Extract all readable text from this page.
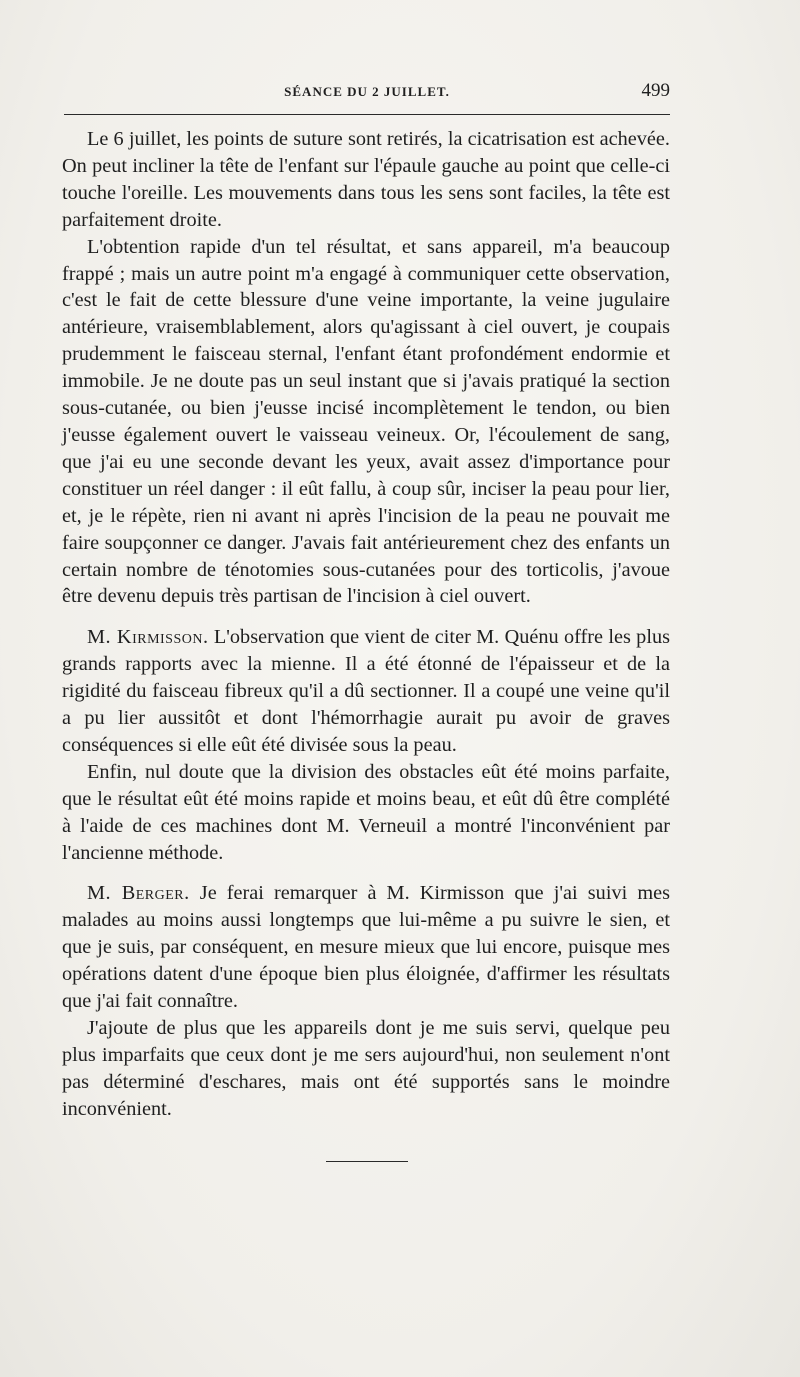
SÉANCE DU 2 JUILLET.	499

Le 6 juillet, les points de suture sont retirés, la cicatrisation est achevée. On peut incliner la tête de l'enfant sur l'épaule gauche au point que celle-ci touche l'oreille. Les mouvements dans tous les sens sont faciles, la tête est parfaitement droite.

L'obtention rapide d'un tel résultat, et sans appareil, m'a beaucoup frappé ; mais un autre point m'a engagé à communiquer cette observation, c'est le fait de cette blessure d'une veine importante, la veine jugulaire antérieure, vraisemblablement, alors qu'agissant à ciel ouvert, je coupais prudemment le faisceau sternal, l'enfant étant profondément endormie et immobile. Je ne doute pas un seul instant que si j'avais pratiqué la section sous-cutanée, ou bien j'eusse incisé incomplètement le tendon, ou bien j'eusse également ouvert le vaisseau veineux. Or, l'écoulement de sang, que j'ai eu une seconde devant les yeux, avait assez d'importance pour constituer un réel danger : il eût fallu, à coup sûr, inciser la peau pour lier, et, je le répète, rien ni avant ni après l'incision de la peau ne pouvait me faire soupçonner ce danger. J'avais fait antérieurement chez des enfants un certain nombre de ténotomies sous-cutanées pour des torticolis, j'avoue être devenu depuis très partisan de l'incision à ciel ouvert.

M. Kirmisson. L'observation que vient de citer M. Quénu offre les plus grands rapports avec la mienne. Il a été étonné de l'épaisseur et de la rigidité du faisceau fibreux qu'il a dû sectionner. Il a coupé une veine qu'il a pu lier aussitôt et dont l'hémorrhagie aurait pu avoir de graves conséquences si elle eût été divisée sous la peau.

Enfin, nul doute que la division des obstacles eût été moins parfaite, que le résultat eût été moins rapide et moins beau, et eût dû être complété à l'aide de ces machines dont M. Verneuil a montré l'inconvénient par l'ancienne méthode.

M. Berger. Je ferai remarquer à M. Kirmisson que j'ai suivi mes malades au moins aussi longtemps que lui-même a pu suivre le sien, et que je suis, par conséquent, en mesure mieux que lui encore, puisque mes opérations datent d'une époque bien plus éloignée, d'affirmer les résultats que j'ai fait connaître.

J'ajoute de plus que les appareils dont je me suis servi, quelque peu plus imparfaits que ceux dont je me sers aujourd'hui, non seulement n'ont pas déterminé d'eschares, mais ont été supportés sans le moindre inconvénient.
